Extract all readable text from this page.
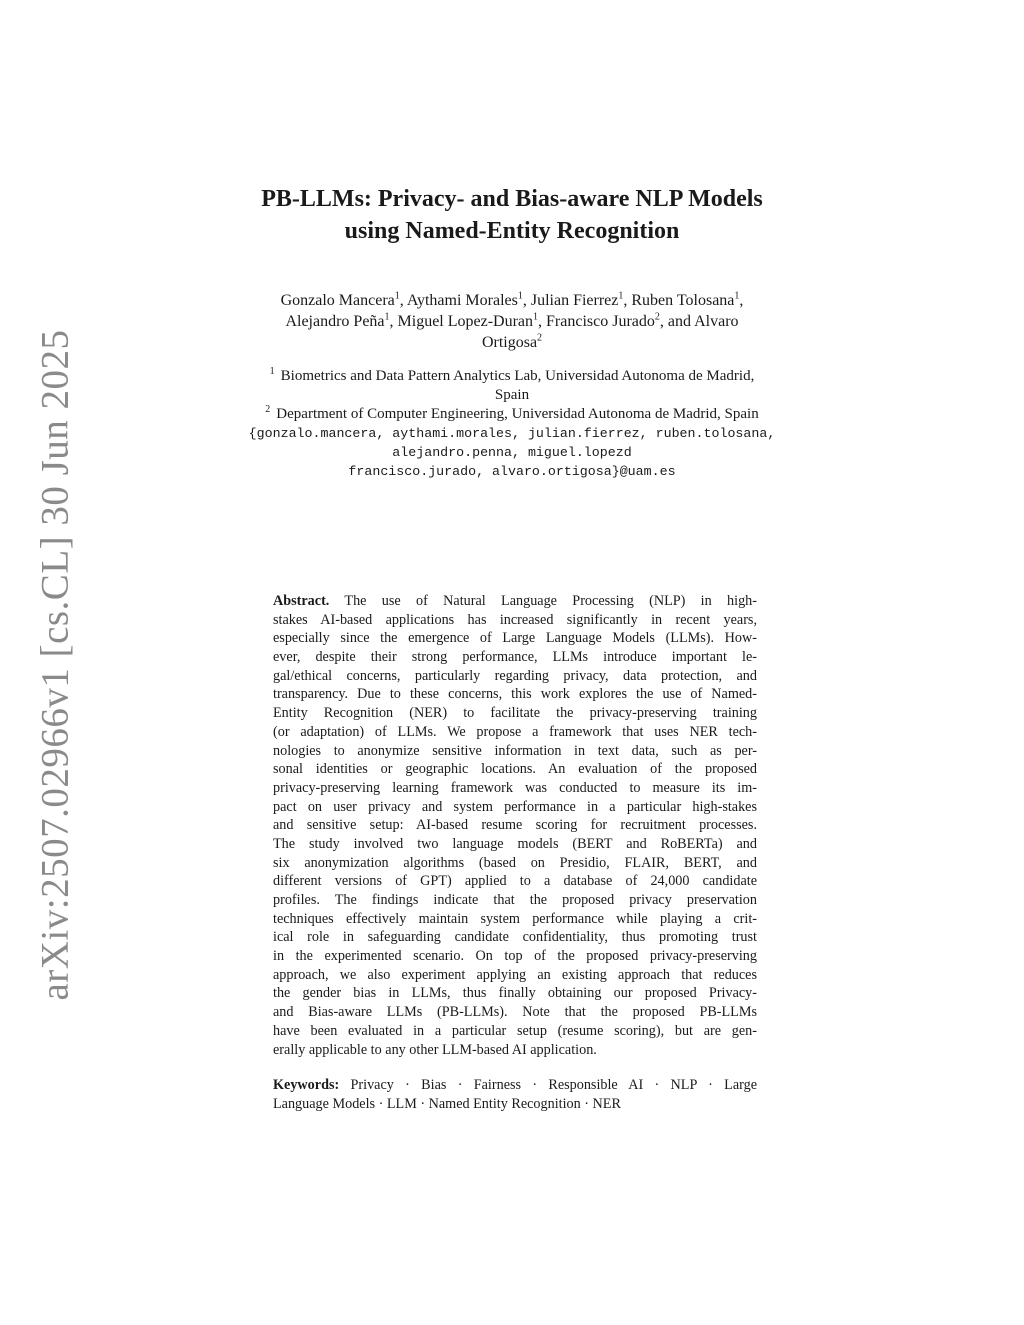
arXiv:2507.02966v1 [cs.CL] 30 Jun 2025
PB-LLMs: Privacy- and Bias-aware NLP Models
using Named-Entity Recognition
Gonzalo Mancera$^1$, Aythami Morales$^1$, Julian Fierrez$^1$, Ruben Tolosana$^1$,
Alejandro Peña$^1$, Miguel Lopez-Duran$^1$, Francisco Jurado$^2$, and Alvaro
Ortigosa$^2$
$^1$ Biometrics and Data Pattern Analytics Lab, Universidad Autonoma de Madrid,
Spain
$^2$ Department of Computer Engineering, Universidad Autonoma de Madrid, Spain
{gonzalo.mancera, aythami.morales, julian.fierrez, ruben.tolosana,
alejandro.penna, miguel.lopezd
francisco.jurado, alvaro.ortigosa}@uam.es
Abstract. The use of Natural Language Processing (NLP) in high-
stakes AI-based applications has increased significantly in recent years,
especially since the emergence of Large Language Models (LLMs). How-
ever, despite their strong performance, LLMs introduce important le-
gal/ethical concerns, particularly regarding privacy, data protection, and
transparency. Due to these concerns, this work explores the use of Named-
Entity Recognition (NER) to facilitate the privacy-preserving training
(or adaptation) of LLMs. We propose a framework that uses NER tech-
nologies to anonymize sensitive information in text data, such as per-
sonal identities or geographic locations. An evaluation of the proposed
privacy-preserving learning framework was conducted to measure its im-
pact on user privacy and system performance in a particular high-stakes
and sensitive setup: AI-based resume scoring for recruitment processes.
The study involved two language models (BERT and RoBERTa) and
six anonymization algorithms (based on Presidio, FLAIR, BERT, and
different versions of GPT) applied to a database of 24,000 candidate
profiles. The findings indicate that the proposed privacy preservation
techniques effectively maintain system performance while playing a crit-
ical role in safeguarding candidate confidentiality, thus promoting trust
in the experimented scenario. On top of the proposed privacy-preserving
approach, we also experiment applying an existing approach that reduces
the gender bias in LLMs, thus finally obtaining our proposed Privacy-
and Bias-aware LLMs (PB-LLMs). Note that the proposed PB-LLMs
have been evaluated in a particular setup (resume scoring), but are gen-
erally applicable to any other LLM-based AI application.
Keywords: Privacy · Bias · Fairness · Responsible AI · NLP · Large
Language Models · LLM · Named Entity Recognition · NER
